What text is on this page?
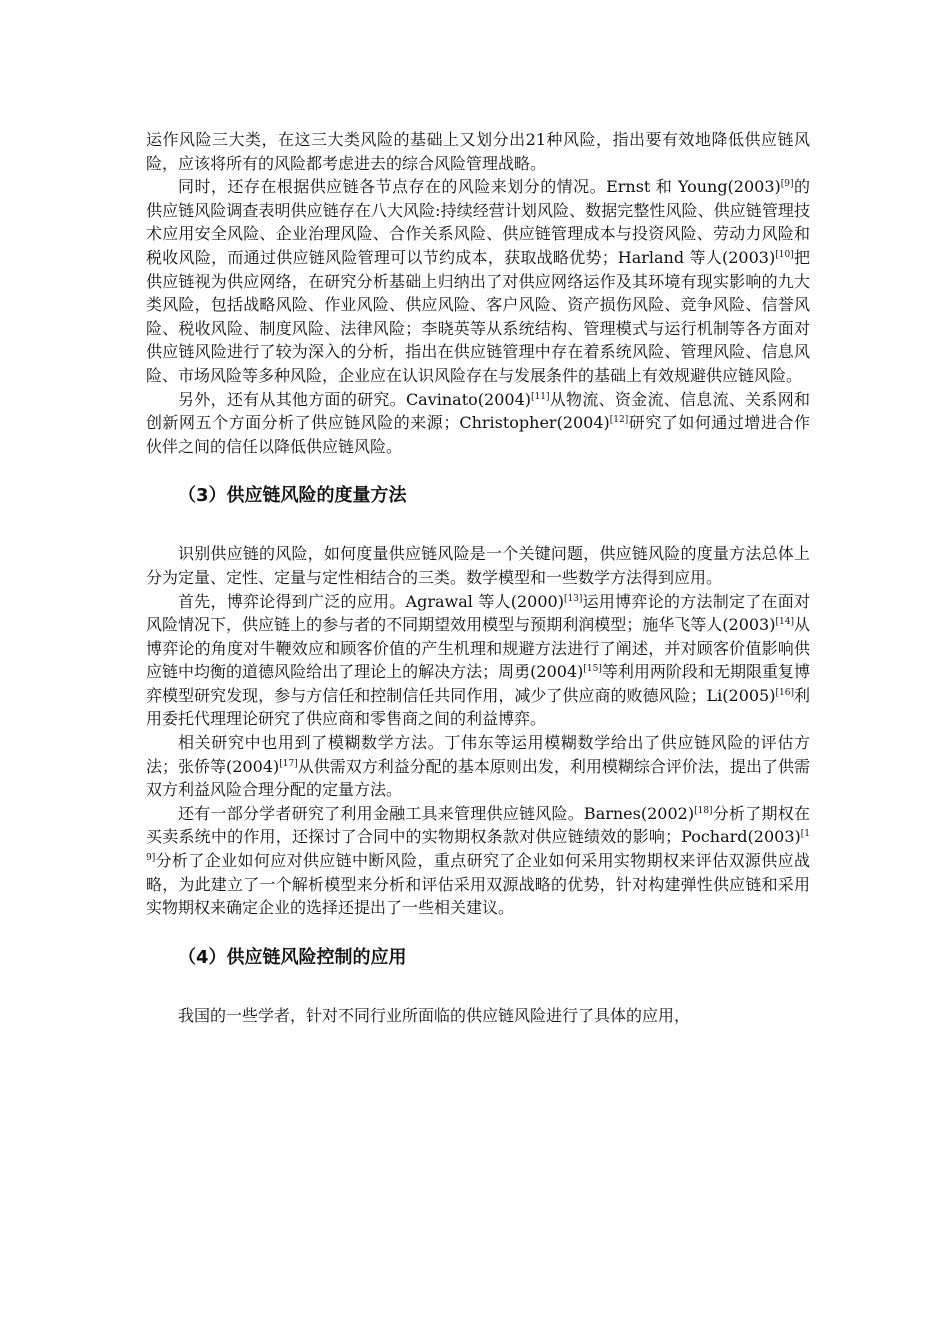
运作风险三大类，在这三大类风险的基础上又划分出21种风险，指出要有效地降低供应链风险，应该将所有的风险都考虑进去的综合风险管理战略。

同时，还存在根据供应链各节点存在的风险来划分的情况。Ernst 和 Young(2003)[9]的供应链风险调查表明供应链存在八大风险:持续经营计划风险、数据完整性风险、供应链管理技术应用安全风险、企业治理风险、合作关系风险、供应链管理成本与投资风险、劳动力风险和税收风险，而通过供应链风险管理可以节约成本，获取战略优势；Harland 等人(2003)[10]把供应链视为供应网络，在研究分析基础上归纳出了对供应网络运作及其环境有现实影响的九大类风险，包括战略风险、作业风险、供应风险、客户风险、资产损伤风险、竞争风险、信誉风险、税收风险、制度风险、法律风险；李晓英等从系统结构、管理模式与运行机制等各方面对供应链风险进行了较为深入的分析，指出在供应链管理中存在着系统风险、管理风险、信息风险、市场风险等多种风险，企业应在认识风险存在与发展条件的基础上有效规避供应链风险。

另外，还有从其他方面的研究。Cavinato(2004)[11]从物流、资金流、信息流、关系网和创新网五个方面分析了供应链风险的来源；Christopher(2004)[12]研究了如何通过增进合作伙伴之间的信任以降低供应链风险。

（3）供应链风险的度量方法

识别供应链的风险，如何度量供应链风险是一个关键问题，供应链风险的度量方法总体上分为定量、定性、定量与定性相结合的三类。数学模型和一些数学方法得到应用。

首先，博弈论得到广泛的应用。Agrawal 等人(2000)[13]运用博弈论的方法制定了在面对风险情况下，供应链上的参与者的不同期望效用模型与预期利润模型；施华飞等人(2003)[14]从博弈论的角度对牛鞭效应和顾客价值的产生机理和规避方法进行了阐述，并对顾客价值影响供应链中均衡的道德风险给出了理论上的解决方法；周勇(2004)[15]等利用两阶段和无期限重复博弈模型研究发现，参与方信任和控制信任共同作用，减少了供应商的败德风险；Li(2005)[16]利用委托代理理论研究了供应商和零售商之间的利益博弈。

相关研究中也用到了模糊数学方法。丁伟东等运用模糊数学给出了供应链风险的评估方法；张侨等(2004)[17]从供需双方利益分配的基本原则出发，利用模糊综合评价法，提出了供需双方利益风险合理分配的定量方法。

还有一部分学者研究了利用金融工具来管理供应链风险。Barnes(2002)[18]分析了期权在买卖系统中的作用，还探讨了合同中的实物期权条款对供应链绩效的影响；Pochard(2003)[19]分析了企业如何应对供应链中断风险，重点研究了企业如何采用实物期权来评估双源供应战略，为此建立了一个解析模型来分析和评估采用双源战略的优势，针对构建弹性供应链和采用实物期权来确定企业的选择还提出了一些相关建议。

（4）供应链风险控制的应用

我国的一些学者，针对不同行业所面临的供应链风险进行了具体的应用，
